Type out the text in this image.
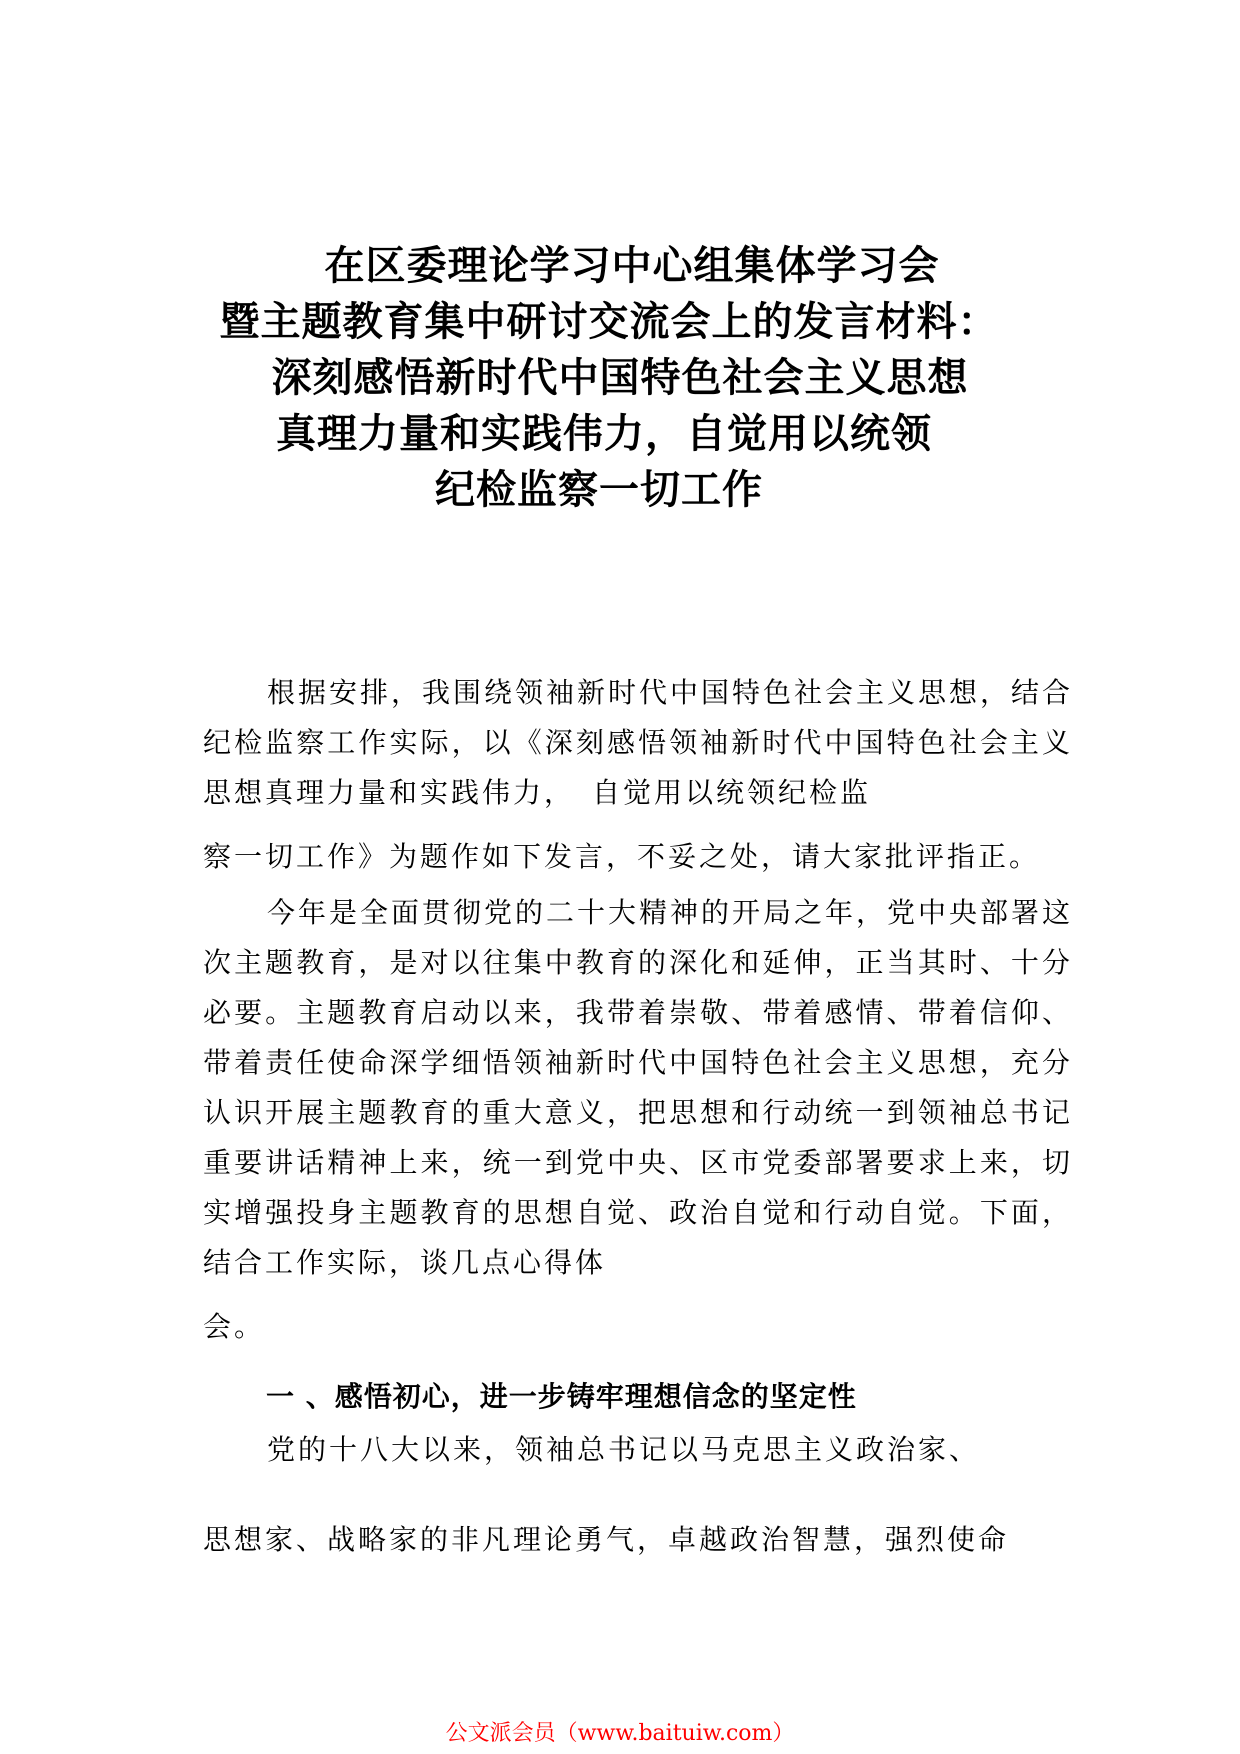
在区委理论学习中心组集体学习会
暨主题教育集中研讨交流会上的发言材料：
深刻感悟新时代中国特色社会主义思想
真理力量和实践伟力，自觉用以统领
纪检监察一切工作

根据安排，我围绕领袖新时代中国特色社会主义思想，结合纪检监察工作实际，以《深刻感悟领袖新时代中国特色社会主义思想真理力量和实践伟力，　自觉用以统领纪检监

察一切工作》为题作如下发言，不妥之处，请大家批评指正。

今年是全面贯彻党的二十大精神的开局之年，党中央部署这次主题教育，是对以往集中教育的深化和延伸，正当其时、十分必要。主题教育启动以来，我带着崇敬、带着感情、带着信仰、带着责任使命深学细悟领袖新时代中国特色社会主义思想，充分认识开展主题教育的重大意义，把思想和行动统一到领袖总书记重要讲话精神上来，统一到党中央、区市党委部署要求上来，切实增强投身主题教育的思想自觉、政治自觉和行动自觉。下面，结合工作实际，谈几点心得体

会。
一 、感悟初心，进一步铸牢理想信念的坚定性

党的十八大以来，领袖总书记以马克思主义政治家、

思想家、战略家的非凡理论勇气，卓越政治智慧，强烈使命
公文派会员（www.baituiw.com）
